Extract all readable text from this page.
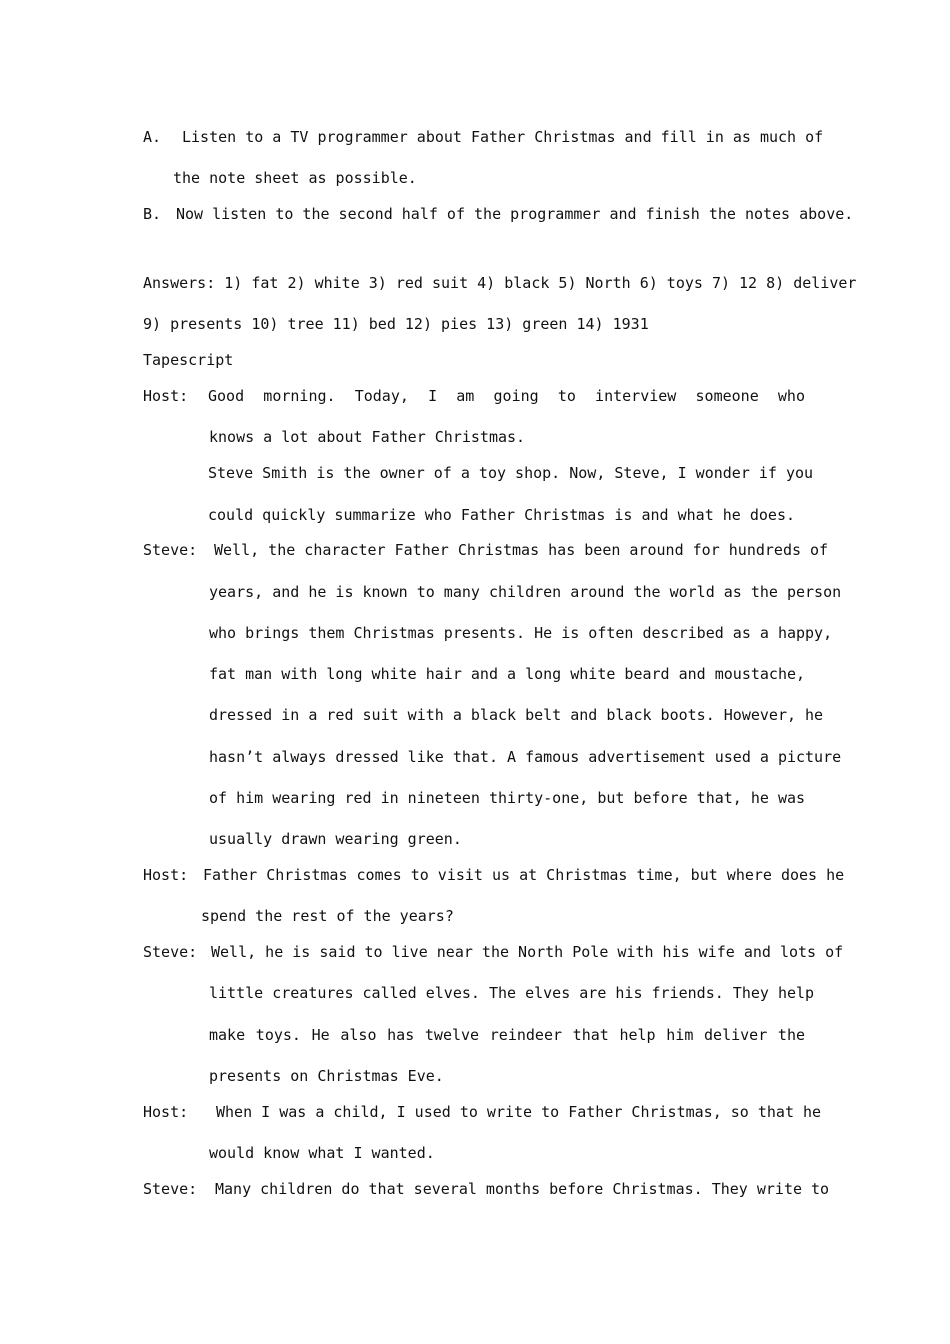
A. Listen to a TV programmer about Father Christmas and fill in as much of
the note sheet as possible.
B. Now listen to the second half of the programmer and finish the notes above.
Answers: 1) fat 2) white 3) red suit 4) black 5) North 6) toys 7) 12 8) deliver
9) presents 10) tree 11) bed 12) pies 13) green 14) 1931
Tapescript
Host: Good morning. Today, I am going to interview someone who
knows a lot about Father Christmas.
Steve Smith is the owner of a toy shop. Now, Steve, I wonder if you
could quickly summarize who Father Christmas is and what he does.
Steve: Well, the character Father Christmas has been around for hundreds of
years, and he is known to many children around the world as the person
who brings them Christmas presents. He is often described as a happy,
fat man with long white hair and a long white beard and moustache,
dressed in a red suit with a black belt and black boots. However, he
hasn’t always dressed like that. A famous advertisement used a picture
of him wearing red in nineteen thirty-one, but before that, he was
usually drawn wearing green.
Host: Father Christmas comes to visit us at Christmas time, but where does he
spend the rest of the years?
Steve: Well, he is said to live near the North Pole with his wife and lots of
little creatures called elves. The elves are his friends. They help
make toys. He also has twelve reindeer that help him deliver the
presents on Christmas Eve.
Host: When I was a child, I used to write to Father Christmas, so that he
would know what I wanted.
Steve: Many children do that several months before Christmas. They write to
